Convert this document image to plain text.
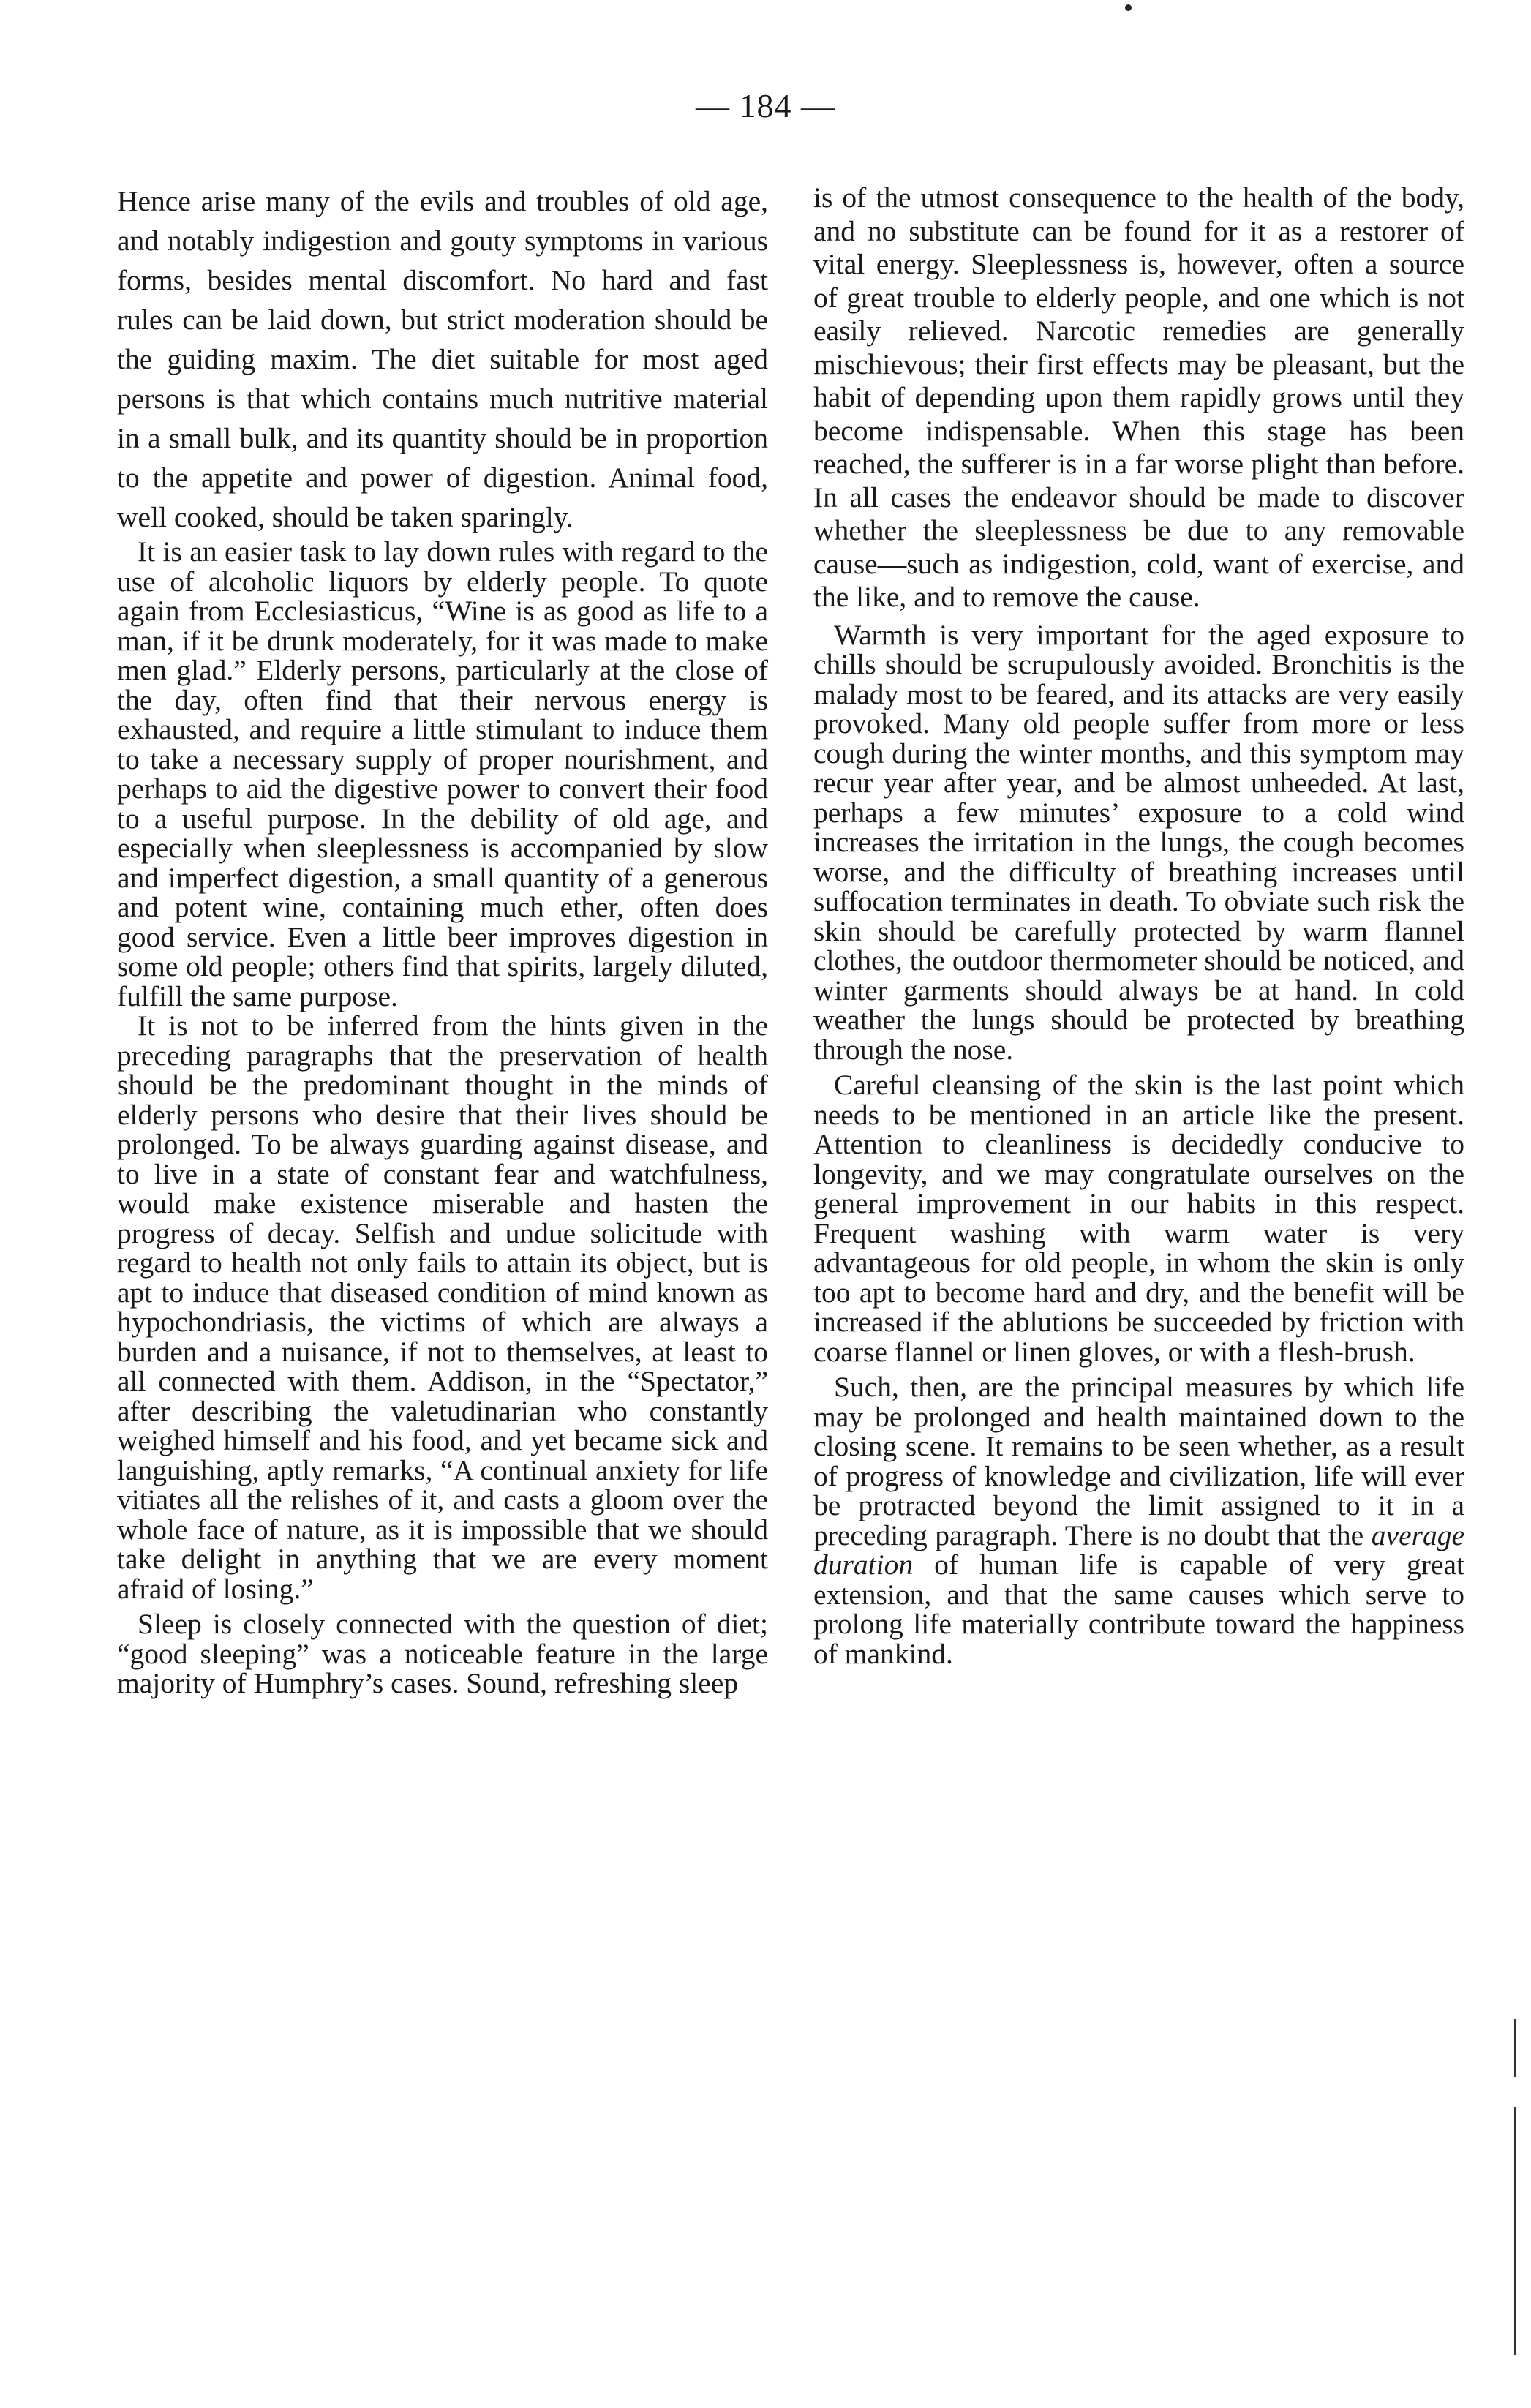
— 184 —

Hence arise many of the evils and troubles of old age, and notably indigestion and gouty symptoms in various forms, besides mental discomfort. No hard and fast rules can be laid down, but strict moderation should be the guiding maxim. The diet suitable for most aged persons is that which contains much nutritive material in a small bulk, and its quantity should be in proportion to the appetite and power of digestion. Animal food, well cooked, should be taken sparingly.

It is an easier task to lay down rules with regard to the use of alcoholic liquors by elderly people. To quote again from Ecclesiasticus, “Wine is as good as life to a man, if it be drunk moderately, for it was made to make men glad.” Elderly persons, particularly at the close of the day, often find that their nervous energy is exhausted, and require a little stimulant to induce them to take a necessary supply of proper nourishment, and perhaps to aid the digestive power to convert their food to a useful purpose. In the debility of old age, and especially when sleeplessness is accompanied by slow and imperfect digestion, a small quantity of a generous and potent wine, containing much ether, often does good service. Even a little beer improves digestion in some old people; others find that spirits, largely diluted, fulfill the same purpose.

It is not to be inferred from the hints given in the preceding paragraphs that the preservation of health should be the predominant thought in the minds of elderly persons who desire that their lives should be prolonged. To be always guarding against disease, and to live in a state of constant fear and watchfulness, would make existence miserable and hasten the progress of decay. Selfish and undue solicitude with regard to health not only fails to attain its object, but is apt to induce that diseased condition of mind known as hypochondriasis, the victims of which are always a burden and a nuisance, if not to themselves, at least to all connected with them. Addison, in the “Spectator,” after describing the valetudinarian who constantly weighed himself and his food, and yet became sick and languishing, aptly remarks, “A continual anxiety for life vitiates all the relishes of it, and casts a gloom over the whole face of nature, as it is impossible that we should take delight in anything that we are every moment afraid of losing.”

Sleep is closely connected with the question of diet; “good sleeping” was a noticeable feature in the large majority of Humphry’s cases. Sound, refreshing sleep

is of the utmost consequence to the health of the body, and no substitute can be found for it as a restorer of vital energy. Sleeplessness is, however, often a source of great trouble to elderly people, and one which is not easily relieved. Narcotic remedies are generally mischievous; their first effects may be pleasant, but the habit of depending upon them rapidly grows until they become indispensable. When this stage has been reached, the sufferer is in a far worse plight than before. In all cases the endeavor should be made to discover whether the sleeplessness be due to any removable cause—such as indigestion, cold, want of exercise, and the like, and to remove the cause.

Warmth is very important for the aged exposure to chills should be scrupulously avoided. Bronchitis is the malady most to be feared, and its attacks are very easily provoked. Many old people suffer from more or less cough during the winter months, and this symptom may recur year after year, and be almost unheeded. At last, perhaps a few minutes’ exposure to a cold wind increases the irritation in the lungs, the cough becomes worse, and the difficulty of breathing increases until suffocation terminates in death. To obviate such risk the skin should be carefully protected by warm flannel clothes, the outdoor thermometer should be noticed, and winter garments should always be at hand. In cold weather the lungs should be protected by breathing through the nose.

Careful cleansing of the skin is the last point which needs to be mentioned in an article like the present. Attention to cleanliness is decidedly conducive to longevity, and we may congratulate ourselves on the general improvement in our habits in this respect. Frequent washing with warm water is very advantageous for old people, in whom the skin is only too apt to become hard and dry, and the benefit will be increased if the ablutions be succeeded by friction with coarse flannel or linen gloves, or with a flesh-brush.

Such, then, are the principal measures by which life may be prolonged and health maintained down to the closing scene. It remains to be seen whether, as a result of progress of knowledge and civilization, life will ever be protracted beyond the limit assigned to it in a preceding paragraph. There is no doubt that the average duration of human life is capable of very great extension, and that the same causes which serve to prolong life materially contribute toward the happiness of mankind.
